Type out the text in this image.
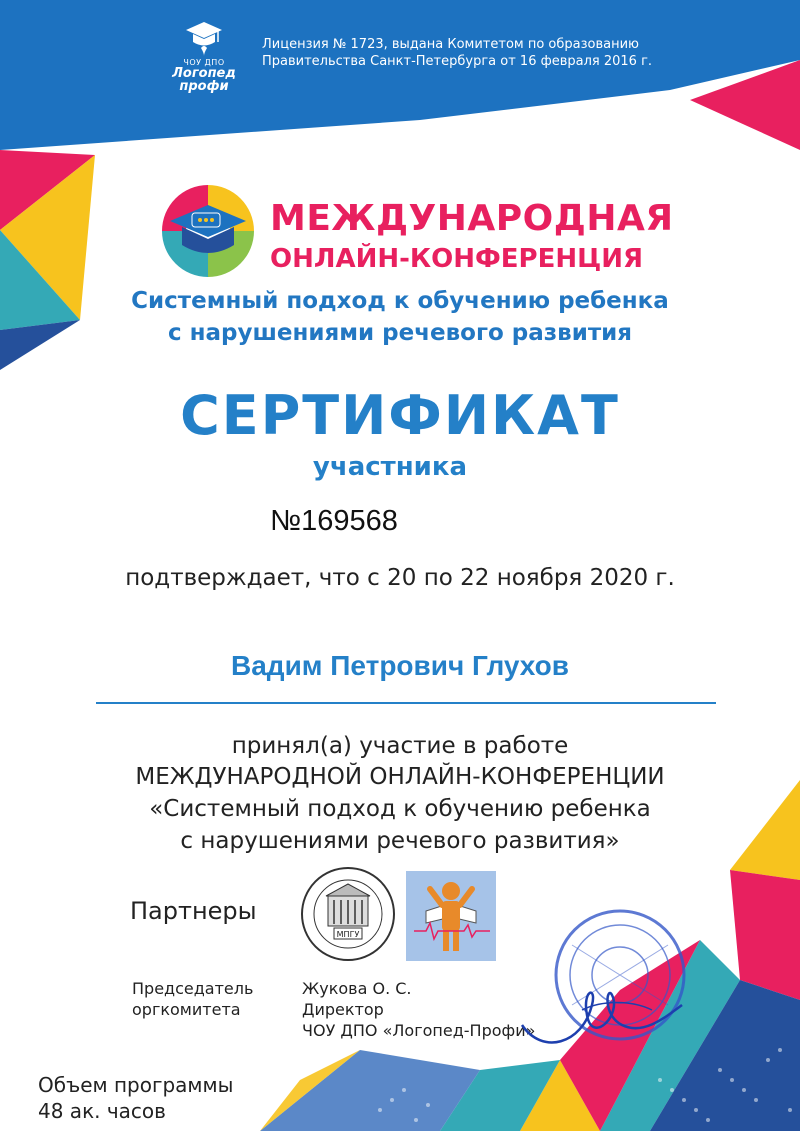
ЧОУ ДПО
Логопед
профи
Лицензия № 1723, выдана Комитетом по образованию
Правительства Санкт-Петербурга от 16 февраля 2016 г.
МЕЖДУНАРОДНАЯ
ОНЛАЙН-КОНФЕРЕНЦИЯ
Системный подход к обучению ребенка
с нарушениями речевого развития
СЕРТИФИКАТ
участника
№169568
подтверждает, что с 20 по 22 ноября 2020 г.
Вадим Петрович Глухов
принял(а) участие в работе
МЕЖДУНАРОДНОЙ ОНЛАЙН-КОНФЕРЕНЦИИ
«Системный подход к обучению ребенка
с нарушениями речевого развития»
Партнеры
МПГУ
Председатель
оргкомитета
Жукова О. С.
Директор
ЧОУ ДПО «Логопед-Профи»
Объем программы
48 ак. часов
